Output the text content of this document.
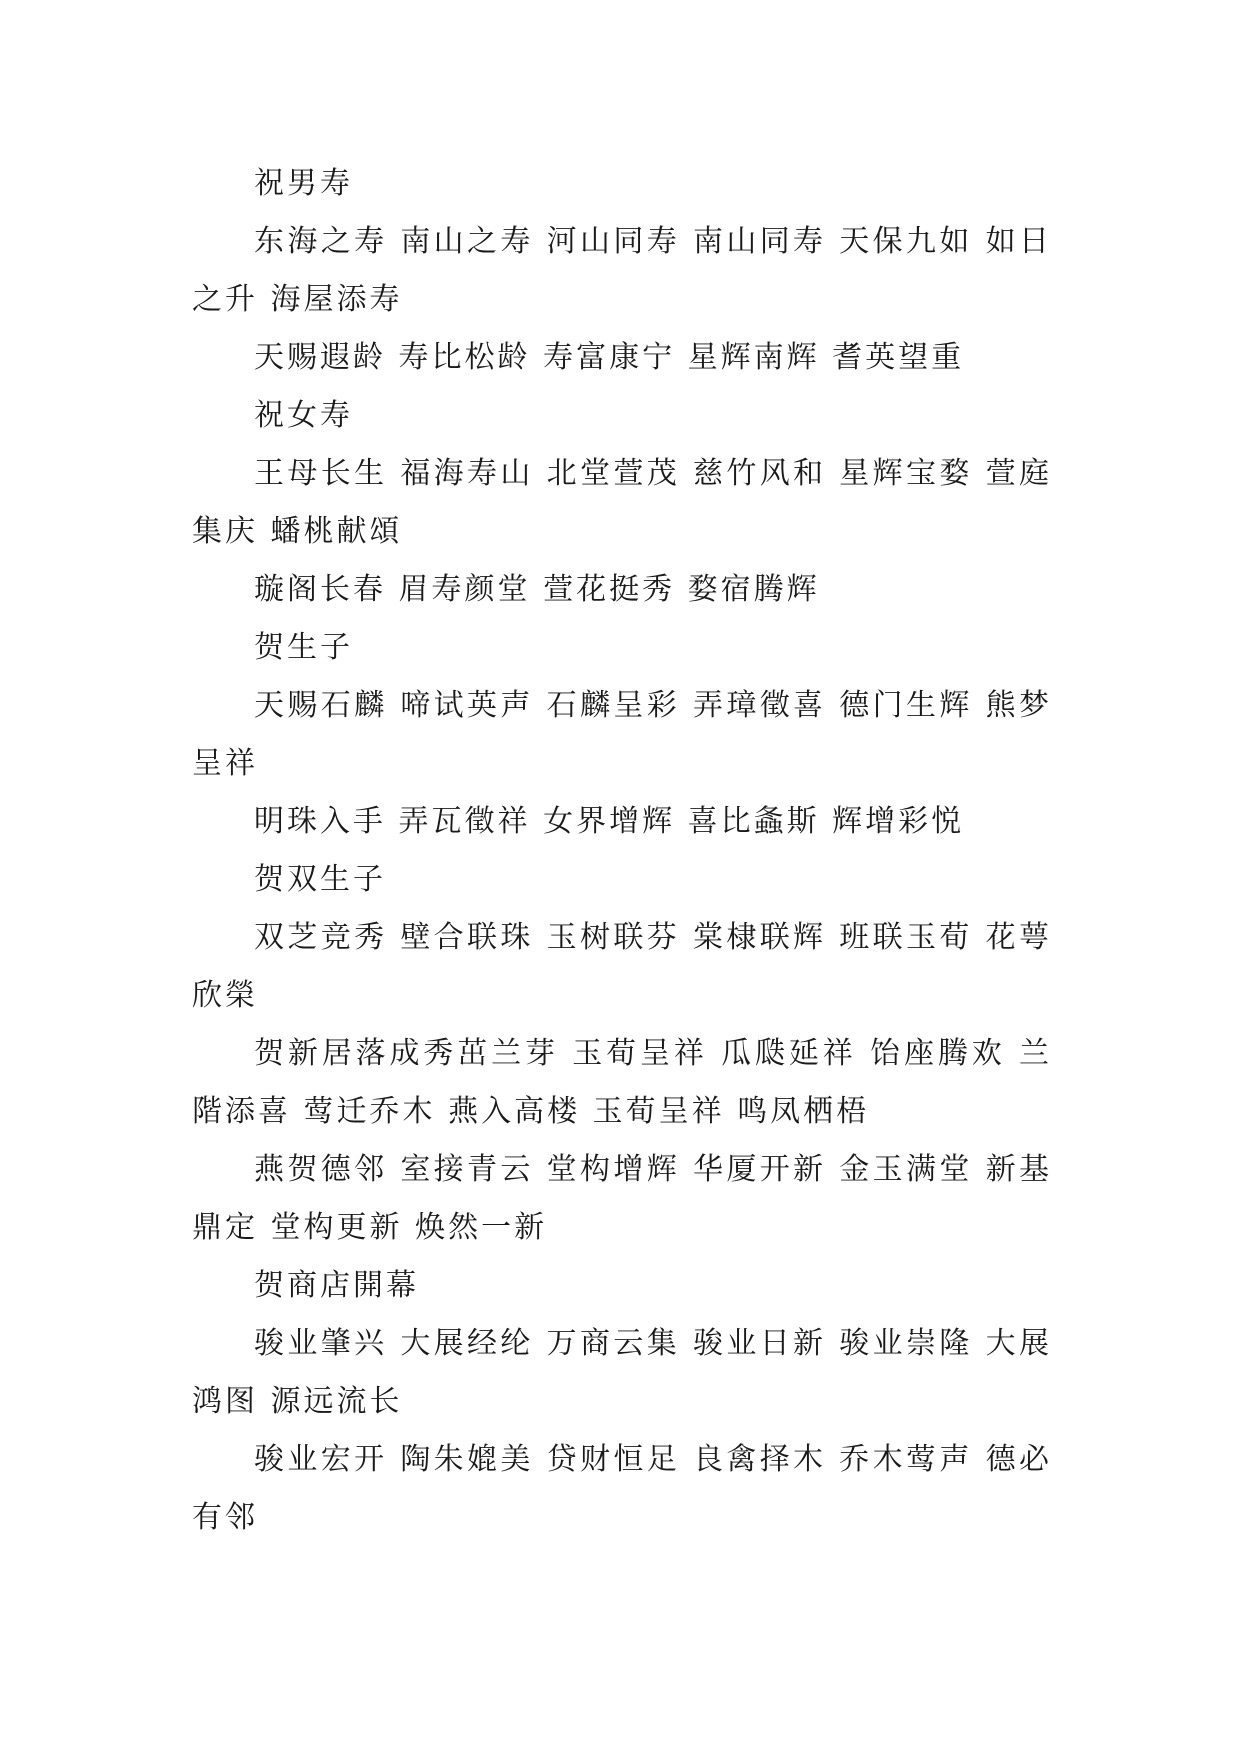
祝男寿

东海之寿 南山之寿 河山同寿 南山同寿 天保九如 如日之升 海屋添寿

天赐遐龄 寿比松龄 寿富康宁 星辉南辉 耆英望重

祝女寿

王母长生 福海寿山 北堂萱茂 慈竹风和 星辉宝婺 萱庭集庆 蟠桃献頌

璇阁长春 眉寿颜堂 萱花挺秀 婺宿腾辉

贺生子

天赐石麟 啼试英声 石麟呈彩 弄璋徵喜 德门生辉 熊梦呈祥

明珠入手 弄瓦徵祥 女界增辉 喜比螽斯 辉增彩悦

贺双生子

双芝竞秀 壁合联珠 玉树联芬 棠棣联辉 班联玉荀 花萼欣榮

贺新居落成秀茁兰芽 玉荀呈祥 瓜瓞延祥 饴座腾欢 兰階添喜 莺迁乔木 燕入高楼 玉荀呈祥 鸣凤栖梧

燕贺德邻 室接青云 堂构增辉 华厦开新 金玉满堂 新基鼎定 堂构更新 焕然一新

贺商店開幕

骏业肇兴 大展经纶 万商云集 骏业日新 骏业崇隆 大展鸿图 源远流长

骏业宏开 陶朱媲美 贷财恒足 良禽择木 乔木莺声 德必有邻
